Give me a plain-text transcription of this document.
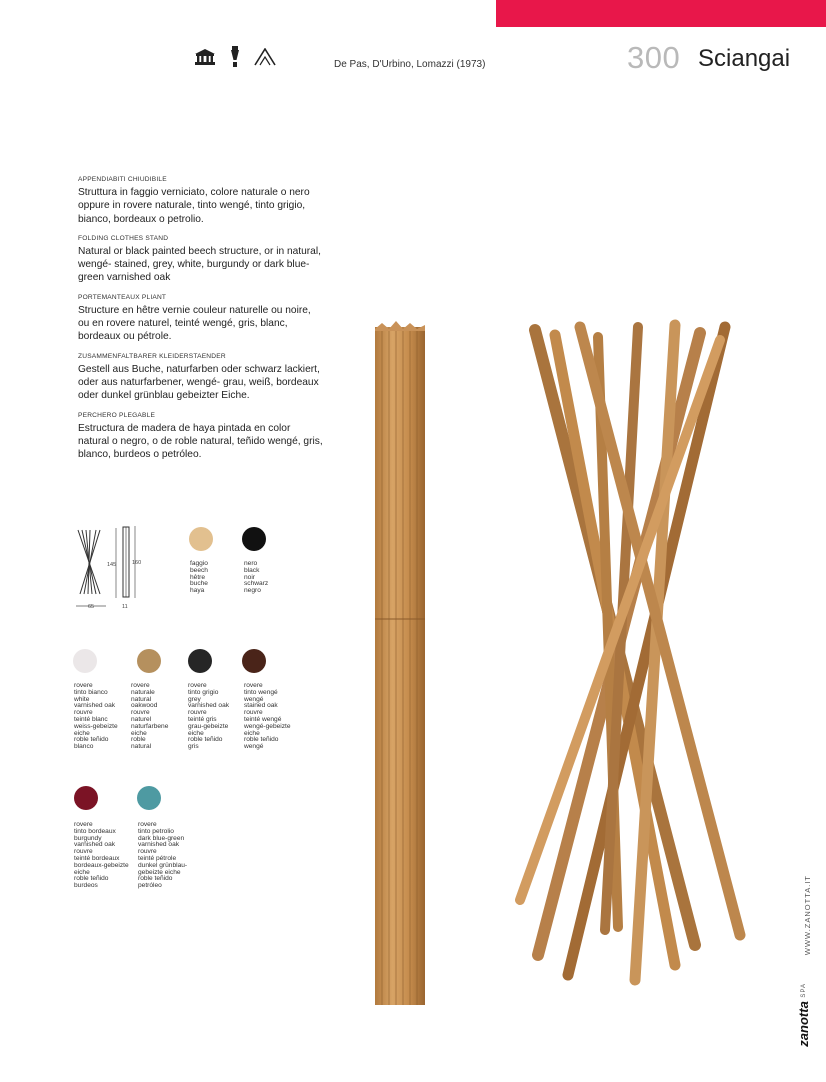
De Pas, D'Urbino, Lomazzi (1973)	300 Sciangai
APPENDIABITI CHIUDIBILE
Struttura in faggio verniciato, colore naturale o nero oppure in rovere naturale, tinto wengé, tinto grigio, bianco, bordeaux o petrolio.
FOLDING CLOTHES STAND
Natural or black painted beech structure, or in natural, wengé- stained, grey, white, burgundy or dark blue-green varnished oak
PORTEMANTEAUX PLIANT
Structure en hêtre vernie couleur naturelle ou noire, ou en rovere naturel, teinté wengé, gris, blanc, bordeaux ou pétrole.
ZUSAMMENFALTBARER KLEIDERSTAENDER
Gestell aus Buche, naturfarben oder schwarz lackiert, oder aus naturfarbener, wengé- grau, weiß, bordeaux oder dunkel grünblau gebeizter Eiche.
PERCHERO PLEGABLE
Estructura de madera de haya pintada en color natural o negro, o de roble natural, teñido wengé, gris, blanco, burdeos o petróleo.
145	160
65	11
faggio
beech
hêtre
buche
haya
nero
black
noir
schwarz
negro
rovere
tinto bianco
white
varnished oak
rouvre
teinté blanc
weiss-gebeizte
eiche
roble teñido
blanco
rovere
naturale
natural
oakwood
rouvre
naturel
naturfarbene
eiche
roble
natural
rovere
tinto grigio
grey
varnished oak
rouvre
teinté gris
grau-gebeizte
eiche
roble teñido
gris
rovere
tinto wengé
wengé
stained oak
rouvre
teinté wengé
wengé-gebeizte
eiche
roble teñido
wengé
rovere
tinto bordeaux
burgundy
varnished oak
rouvre
teinté bordeaux
bordeaux-gebeizte
eiche
roble teñido
burdeos
rovere
tinto petrolio
dark blue-green
varnished oak
rouvre
teinté pétrole
dunkel grünblau-
gebeizte eiche
roble teñido
petróleo	WWW.ZANOTTA.IT
zanotta SPA
